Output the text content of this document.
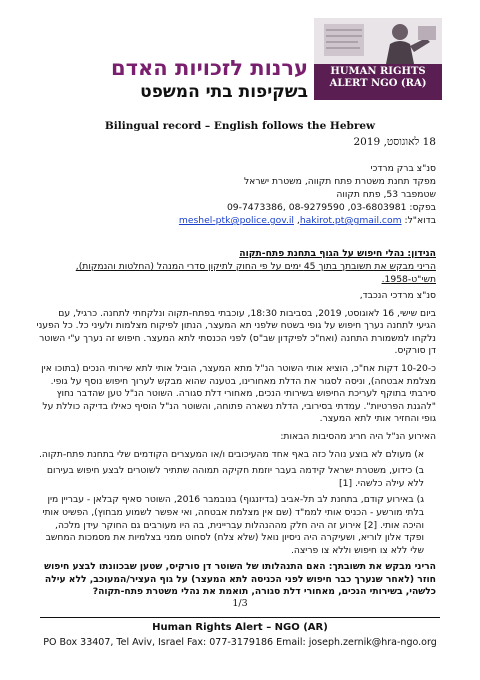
ערנות לזכויות האדם
בשקיפות בתי המשפט
HUMAN RIGHTS ALERT NGO (RA)
Bilingual record – English follows the Hebrew
18 לאוגוסט, 2019
סנ"צ ברק מרדכי
מפקד תחנת משטרת פתח תקווה, משטרת ישראל
שטמפבר 53, פתח תקווה
בפקס: 03-6803981, 08-9279590 ,09-7473386
בדוא"ל: hakirot.pt@gmail.com, meshel-ptk@police.gov.il
הנידון: נהלי חיפוש על הגוף בתחנת פתח-תקוה
הריני מבקש את תשובתך בתוך 45 ימים על פי החוק לתיקון סדרי המנהל (החלטות והנמקות), תשי"ט-1958.

סנ"צ מרדכי הנכבד,

ביום שישי, 16 לאוגוסט, 2019, בסביבות 18:30, עוכבתי בפתח-תקוה ונלקחתי לתחנה. כרגיל, עם הגיעי לתחנה נערך חיפוש על גופי בשטח שלפני תא המעצר, הנתון לפיקוח מצלמות ולעיני כל. כל הפעני נלקחו למשמורת התחנה (ואח"כ לפיקדון שב"ס) לפני הכנסתי לתא המעצר. חיפוש זה נערך ע"י השוטר דן סורקיס.

כ-10-20 דקות אח"כ, הוציא אותי השוטר הנ"ל מתא המעצר, הוביל אותי לתא שירותי הנכים (בתוכו אין מצלמת אבטחה), וניסה לסגור את הדלת מאחורינו, בטענה שהוא מבקש לערוך חיפוש נוסף על גופי. סירבתי בתוקף לעריכת החיפוש בשירותי הנכים, מאחורי דלת סגורה. השוטר הנ"ל טען שהדבר נחוץ "להגנת הפרטיות". עמדתי בסירובי, הדלת נשארה פתוחה, והשוטר הנ"ל הוסיף כאילו בדיקה כוללת על גופי והחזיר אותי לתא המעצר.

האירוע הנ"ל היה חריג מהסיבות הבאות:

א) מעולם לא בוצע נוהל כזה באף אחד מהעיכובים ו/או המעצרים הקודמים שלי בתחנת פתח-תקוה.

ב) כידוע, משטרת ישראל קידמה בעבר יוזמת חקיקה תמוהה שתתיר לשוטרים לבצע חיפוש בעירום ללא עילה כלשהי. [1]

ג) באירוע קודם, בתחנת לב תל-אביב (בדיזנגוף) בנובמבר 2016, השוטר סאיף קבלאן - עבריין מין בלתי מורשע - הכניס אותי לממ"ד (שם אין מצלמת אבטחה, ואי אפשר לשמוע מבחוץ), הפשיט אותי והיכה אותי. [2] אירוע זה היה חלק מההנהלות עבריינית, בה היו מעורבים גם החוקר עידן מלכה, ופקד אלון לוריא, ושעיקרה היה ניסיון נואל (שלא צלח) לסחוט ממני בצלמיות את מסמכות המחשב שלי ללא צו חיפוש וללא צו פריצה.

הריני מבקש את תשובתך: האם התנהלותו של השוטר דן סורקיס, שטען שבכוונתו לבצע חיפוש חוזר (לאחר שנערך כבר חיפוש לפני הכניסה לתא המעצר) על גוף העציר/המעוכב, ללא עילה כלשהי, בשירותי הנכים, מאחורי דלת סגורה, תואמת את נהלי משטרת פתח-תקוה?

1/3
Human Rights Alert – NGO (AR)
PO Box 33407, Tel Aviv, Israel Fax: 077-3179186 Email: joseph.zernik@hra-ngo.org
